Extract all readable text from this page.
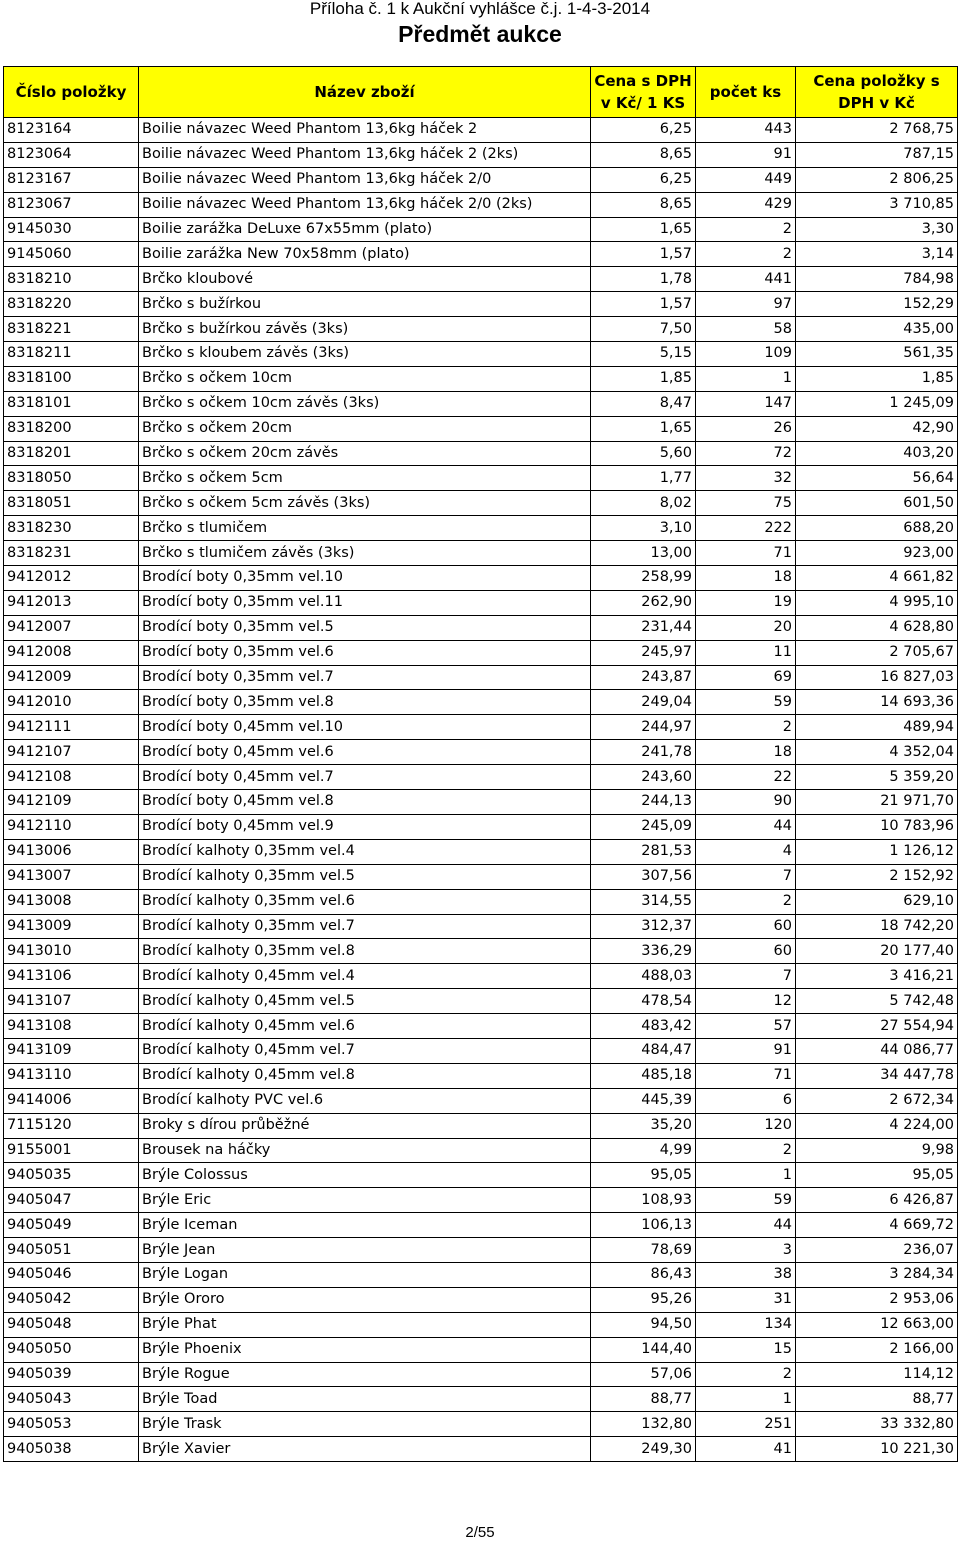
Příloha č. 1 k Aukční vyhlášce č.j. 1-4-3-2014
Předmět aukce
Číslo položky	Název zboží	Cena s DPH v Kč/ 1 KS	počet ks	Cena položky s DPH v Kč
8123164	Boilie návazec Weed Phantom 13,6kg háček 2	6,25	443	2 768,75
8123064	Boilie návazec Weed Phantom 13,6kg háček 2 (2ks)	8,65	91	787,15
8123167	Boilie návazec Weed Phantom 13,6kg háček 2/0	6,25	449	2 806,25
8123067	Boilie návazec Weed Phantom 13,6kg háček 2/0 (2ks)	8,65	429	3 710,85
9145030	Boilie zarážka DeLuxe 67x55mm (plato)	1,65	2	3,30
9145060	Boilie zarážka New 70x58mm (plato)	1,57	2	3,14
8318210	Brčko kloubové	1,78	441	784,98
8318220	Brčko s bužírkou	1,57	97	152,29
8318221	Brčko s bužírkou závěs (3ks)	7,50	58	435,00
8318211	Brčko s kloubem závěs (3ks)	5,15	109	561,35
8318100	Brčko s očkem 10cm	1,85	1	1,85
8318101	Brčko s očkem 10cm závěs (3ks)	8,47	147	1 245,09
8318200	Brčko s očkem 20cm	1,65	26	42,90
8318201	Brčko s očkem 20cm závěs	5,60	72	403,20
8318050	Brčko s očkem 5cm	1,77	32	56,64
8318051	Brčko s očkem 5cm závěs (3ks)	8,02	75	601,50
8318230	Brčko s tlumičem	3,10	222	688,20
8318231	Brčko s tlumičem závěs (3ks)	13,00	71	923,00
9412012	Brodící boty 0,35mm vel.10	258,99	18	4 661,82
9412013	Brodící boty 0,35mm vel.11	262,90	19	4 995,10
9412007	Brodící boty 0,35mm vel.5	231,44	20	4 628,80
9412008	Brodící boty 0,35mm vel.6	245,97	11	2 705,67
9412009	Brodící boty 0,35mm vel.7	243,87	69	16 827,03
9412010	Brodící boty 0,35mm vel.8	249,04	59	14 693,36
9412111	Brodící boty 0,45mm vel.10	244,97	2	489,94
9412107	Brodící boty 0,45mm vel.6	241,78	18	4 352,04
9412108	Brodící boty 0,45mm vel.7	243,60	22	5 359,20
9412109	Brodící boty 0,45mm vel.8	244,13	90	21 971,70
9412110	Brodící boty 0,45mm vel.9	245,09	44	10 783,96
9413006	Brodící kalhoty 0,35mm vel.4	281,53	4	1 126,12
9413007	Brodící kalhoty 0,35mm vel.5	307,56	7	2 152,92
9413008	Brodící kalhoty 0,35mm vel.6	314,55	2	629,10
9413009	Brodící kalhoty 0,35mm vel.7	312,37	60	18 742,20
9413010	Brodící kalhoty 0,35mm vel.8	336,29	60	20 177,40
9413106	Brodící kalhoty 0,45mm vel.4	488,03	7	3 416,21
9413107	Brodící kalhoty 0,45mm vel.5	478,54	12	5 742,48
9413108	Brodící kalhoty 0,45mm vel.6	483,42	57	27 554,94
9413109	Brodící kalhoty 0,45mm vel.7	484,47	91	44 086,77
9413110	Brodící kalhoty 0,45mm vel.8	485,18	71	34 447,78
9414006	Brodící kalhoty PVC vel.6	445,39	6	2 672,34
7115120	Broky s dírou průběžné	35,20	120	4 224,00
9155001	Brousek na háčky	4,99	2	9,98
9405035	Brýle Colossus	95,05	1	95,05
9405047	Brýle Eric	108,93	59	6 426,87
9405049	Brýle Iceman	106,13	44	4 669,72
9405051	Brýle Jean	78,69	3	236,07
9405046	Brýle Logan	86,43	38	3 284,34
9405042	Brýle Ororo	95,26	31	2 953,06
9405048	Brýle Phat	94,50	134	12 663,00
9405050	Brýle Phoenix	144,40	15	2 166,00
9405039	Brýle Rogue	57,06	2	114,12
9405043	Brýle Toad	88,77	1	88,77
9405053	Brýle Trask	132,80	251	33 332,80
9405038	Brýle Xavier	249,30	41	10 221,30
2/55
